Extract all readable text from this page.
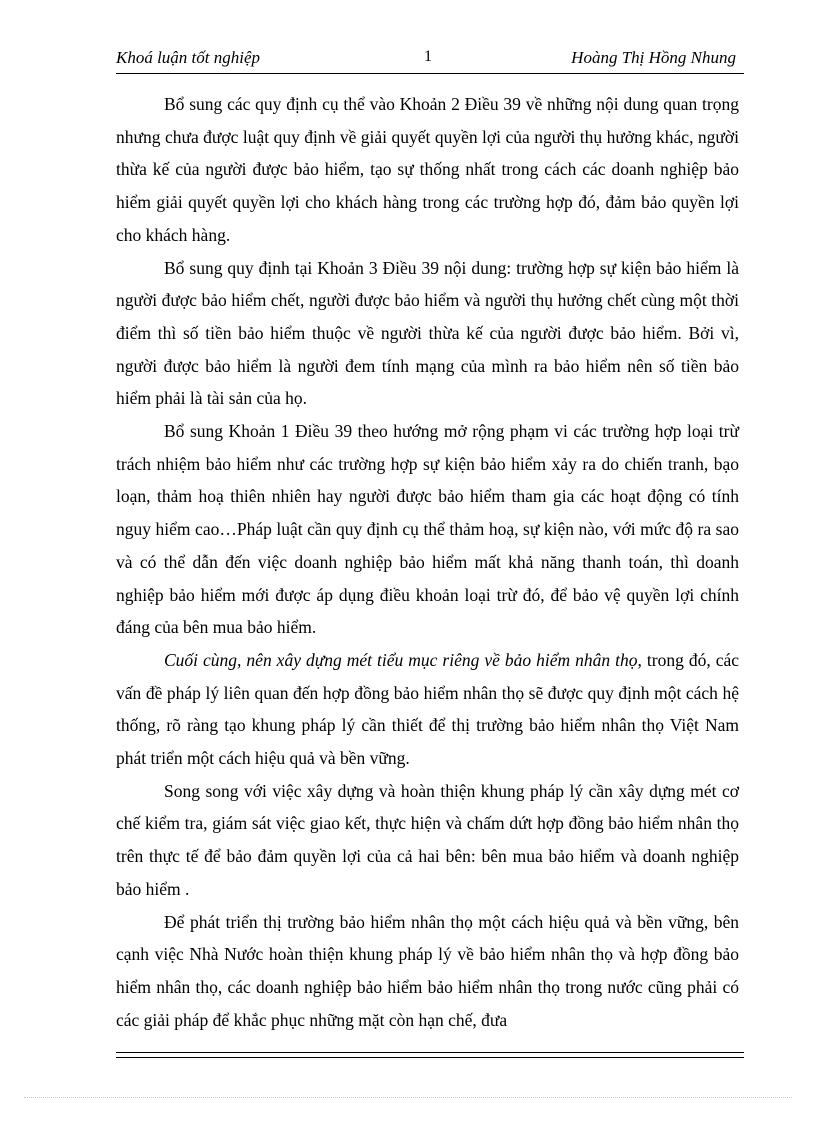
Khoá luận tốt nghiệp	1	Hoàng Thị Hồng Nhung

Bổ sung các quy định cụ thể vào Khoản 2 Điều 39 về những nội dung quan trọng nhưng chưa được luật quy định về giải quyết quyền lợi của người thụ hưởng khác, người thừa kế của người được bảo hiểm, tạo sự thống nhất trong cách các doanh nghiệp bảo hiểm giải quyết quyền lợi cho khách hàng trong các trường hợp đó, đảm bảo quyền lợi cho khách hàng.

Bổ sung quy định tại Khoản 3 Điều 39 nội dung: trường hợp sự kiện bảo hiểm là người được bảo hiểm chết, người được bảo hiểm và người thụ hưởng chết cùng một thời điểm thì số tiền bảo hiểm thuộc về người thừa kế của người được bảo hiểm. Bởi vì, người được bảo hiểm là người đem tính mạng của mình ra bảo hiểm nên số tiền bảo hiểm phải là tài sản của họ.

Bổ sung Khoản 1 Điều 39 theo hướng mở rộng phạm vi các trường hợp loại trừ trách nhiệm bảo hiểm như các trường hợp sự kiện bảo hiểm xảy ra do chiến tranh, bạo loạn, thảm hoạ thiên nhiên hay người được bảo hiểm tham gia các hoạt động có tính nguy hiểm cao…Pháp luật cần quy định cụ thể thảm hoạ, sự kiện nào, với mức độ ra sao và có thể dẫn đến việc doanh nghiệp bảo hiểm mất khả năng thanh toán, thì doanh nghiệp bảo hiểm mới được áp dụng điều khoản loại trừ đó, để bảo vệ quyền lợi chính đáng của bên mua bảo hiểm.

Cuối cùng, nên xây dựng mét tiểu mục riêng về bảo hiểm nhân thọ, trong đó, các vấn đề pháp lý liên quan đến hợp đồng bảo hiểm nhân thọ sẽ được quy định một cách hệ thống, rõ ràng tạo khung pháp lý cần thiết để thị trường bảo hiểm nhân thọ Việt Nam phát triển một cách hiệu quả và bền vững.

Song song với việc xây dựng và hoàn thiện khung pháp lý cần xây dựng mét cơ chế kiểm tra, giám sát việc giao kết, thực hiện và chấm dứt hợp đồng bảo hiểm nhân thọ trên thực tế để bảo đảm quyền lợi của cả hai bên: bên mua bảo hiểm và doanh nghiệp bảo hiểm .

Để phát triển thị trường bảo hiểm nhân thọ một cách hiệu quả và bền vững, bên cạnh việc Nhà Nước hoàn thiện khung pháp lý về bảo hiểm nhân thọ và hợp đồng bảo hiểm nhân thọ, các doanh nghiệp bảo hiểm bảo hiểm nhân thọ trong nước cũng phải có các giải pháp để khắc phục những mặt còn hạn chế, đưa
